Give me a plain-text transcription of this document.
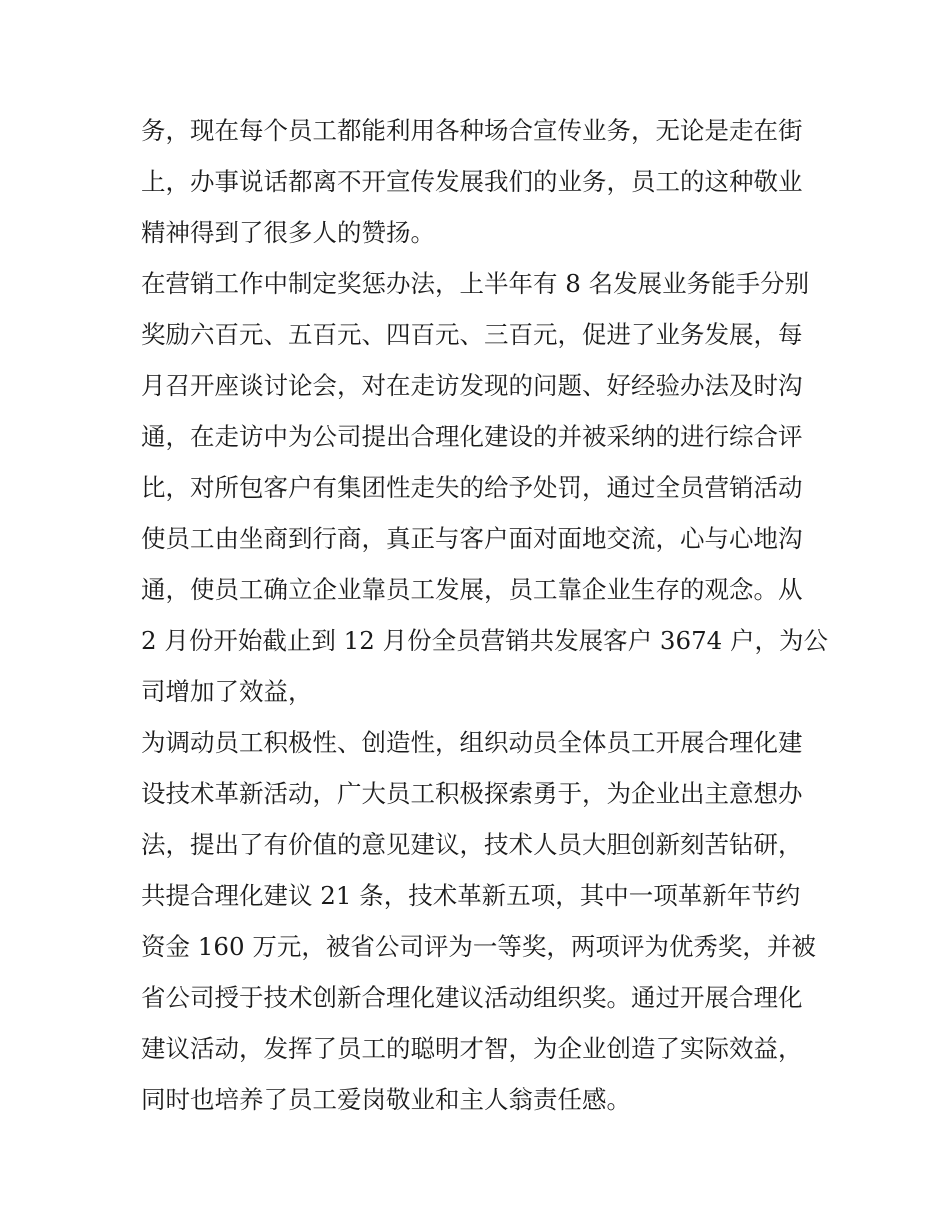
务，现在每个员工都能利用各种场合宣传业务，无论是走在街
上，办事说话都离不开宣传发展我们的业务，员工的这种敬业
精神得到了很多人的赞扬。
在营销工作中制定奖惩办法，上半年有 8 名发展业务能手分别
奖励六百元、五百元、四百元、三百元，促进了业务发展，每
月召开座谈讨论会，对在走访发现的问题、好经验办法及时沟
通，在走访中为公司提出合理化建设的并被采纳的进行综合评
比，对所包客户有集团性走失的给予处罚，通过全员营销活动
使员工由坐商到行商，真正与客户面对面地交流，心与心地沟
通，使员工确立企业靠员工发展，员工靠企业生存的观念。从
2 月份开始截止到 12 月份全员营销共发展客户 3674 户，为公
司增加了效益，
为调动员工积极性、创造性，组织动员全体员工开展合理化建
设技术革新活动，广大员工积极探索勇于，为企业出主意想办
法，提出了有价值的意见建议，技术人员大胆创新刻苦钻研，
共提合理化建议 21 条，技术革新五项，其中一项革新年节约
资金 160 万元，被省公司评为一等奖，两项评为优秀奖，并被
省公司授于技术创新合理化建议活动组织奖。通过开展合理化
建议活动，发挥了员工的聪明才智，为企业创造了实际效益，
同时也培养了员工爱岗敬业和主人翁责任感。
